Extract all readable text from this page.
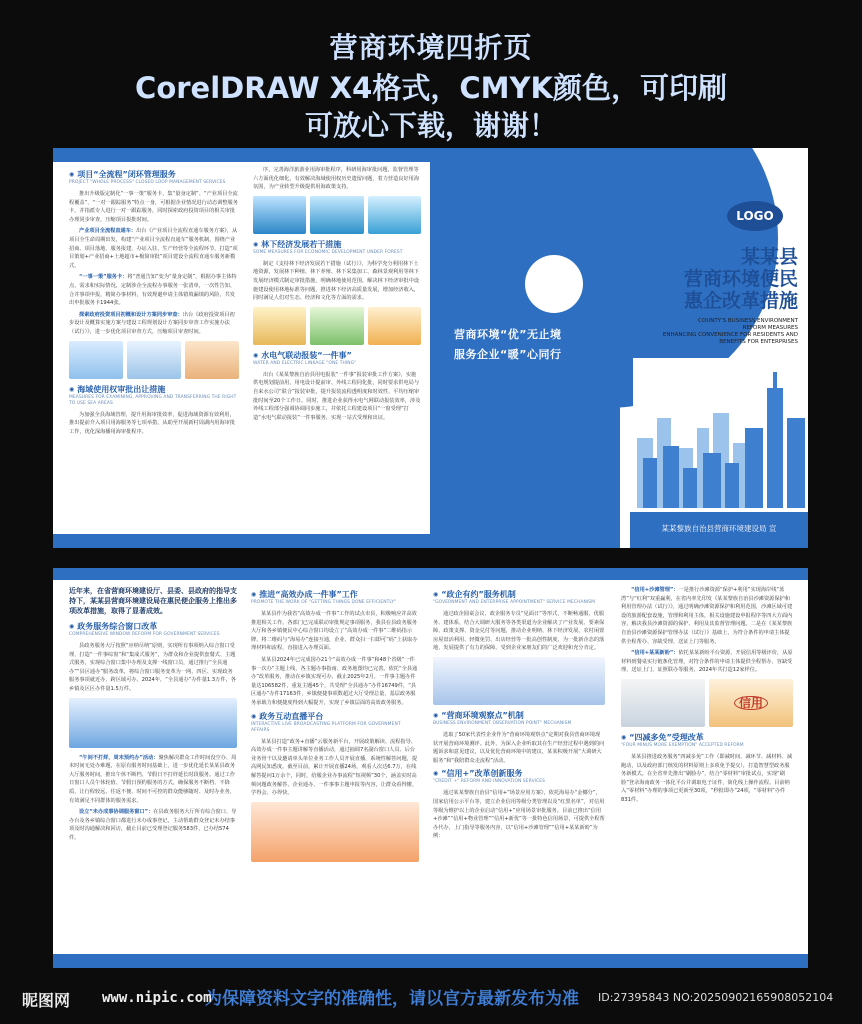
营商环境四折页
CorelDRAW X4格式，CMYK颜色，可印刷
可放心下载，谢谢！
◉ 项目“全流程”闭环管理服务
PROJECT "WHOLE PROCESS" CLOSED LOOP MANAGEMENT SERVICES

推出升级版定制化“一事一策”服务卡，集“量身定制”、“产业项目全流程覆盖”、“一对一跟踪服务”特点一身，可根据企业情况进行动态调整服务卡，并指派专人进行一对一跟踪服务，同时探索政府投资项目的相关审批办理同步审查，压缩项目报批时间。

产业项目全流程直通车：出台《产业项目全流程直通车服务方案》，从项目全生命周期出发，构建“产业项目全流程直通车”服务机制，围绕产业招商、项目落地、服务报建、办证入驻、生产经营等全流程环节，打造“项目策划+产业招商+土地超市+极简审批”项目建设全流程直通车服务新模式。

“一事一策”服务卡：将“普通告知”变为“量身定制”，根据办事主体特点、需求和实际情况，定制涉企全流程办事服务一张清单，一次性告知、合并事项申报，精简办事材料，有效规避申请主体错填漏填的风险，共发出申批服务卡1944张。

探索政府投资项目初概和设计方案同步审查：出台《政府投资项目初步设计及概算实施方案与建设工程规划设计方案同步审查工作实施办法（试行）》，进一步优化项目审查方式，压缩项目审查时间。

◉ 海域使用权审批出让措施
MEASURES FOR EXAMINING, APPROVING AND TRANSFERRING THE RIGHT TO USE SEA AREAS

为加强全县海域管理，提升用海审批效率，促进海域资源有效利用，推出提前介入项目用海服务等七项举措，从助至开展新村周湖内用海审批工作，优化深海播用海审批程序。

序、完善海洋旅游业用海审批程序，科研用海审批问题、监督管理等六方面优化细化，有效解决海域使用权历史遗留问题，着力营造良好用海氛围，为产业转型升级提供用海政策支持。

◉ 林下经济发展若干措施
SOME MEASURES FOR ECONOMIC DEVELOPMENT UNDER FOREST

制定《支持林下经济发展若干措施（试行）》，为科学充分利用林下土地资源，发展林下种植、林下养殖、林下采集加工、森林景观利用等林下发展经济模式制定审批措施，明确林地使用范围，解决林下经济审批中设施建设使用林地标准等问题，推进林下经济高质量发展，增加经济收入，同时满足人们对生态、经济和文化等方面的需求。

◉ 水电气联动报装“一件事”
WATER AND ELECTRIC LINKAGE "ONE THING"

出台《某某黎族自治县用电报装“一件事”报装审批工作方案》，实施供电规划提前用，用电设计提前审、外线工程同化批，同时要求供电局与自来水公司“联合”报装审批，提升报装流程透明度和时效性，平均压缩审批时间至20个工作日。同时，推进企业获得水电气网联动报装效率，涉及外线工程部分强调协调同步施工，并依托工程建设项目“一窗受理”打造“水电气联动报装”一件事服务，实现一站式受理和出证。

营商环境“优”无止境
服务企业“暖”心同行
LOGO
某某县
营商环境便民
惠企改革措施
COUNTY'S BUSINESS ENVIRONMENT
REFORM MEASURES
ENHANCING CONVENIENCE FOR RESIDENTS AND
BENEFITS FOR ENTERPRISES
某某黎族自治县营商环境建设局 宣
近年来，在省营商环境建设厅、县委、县政府的指导支持下，某某县营商环境建设局在惠民便企服务上推出多项改革措施，取得了显著成效。
◉ 政务服务综合窗口改革
COMPREHENSIVE WINDOW REFORM FOR GOVERNMENT SERVICES

县政务服务大厅按照“应纳尽纳”原则，实现所有事项纳入综合窗口受理，打造“一件事综窗”和“集成式服务”，为群众和企业提供套餐式、主题式服务，实现综合窗口集中办理及支撑一线窗口员，通过推行“全县通办”“县区通办”服务改革，将综合窗口服务变革为一网、四区、实现政务服务事项就近办、跨区域可办。2024年，“全县通办”办件量1.3万件，各乡镇及区区办件量1.5万件。

“午间不打烊，周末预约办”活动：聚焦解决群众工作时间没空办、周末时间无处办难题，在原有服务时间基础上，进一步优化延长某某县政务大厅服务时间，推出午休不断档、节假日不打烊延长时段服务。通过工作日窗口人员午休轮值、节假日预约服务的方式，确保服务不断档、不降质，让行程较远、往返不便、时间不可控的群众能够随时、及时办业务，有效满足不同群体的服务需求。

设立“未办成事协调服务窗口”：在县政务服务大厅所有综合窗口、导办台及各乡镇综合窗口都进行未办成事登记，主动帮助群众登记未办结事项及时沟通解决和回访，截止目前已受理登记服务583件，已办结574件。

◉ 推进“高效办成一件事”工作
PROMOTE THE WORK OF "GETTING THINGS DONE EFFICIENTLY"

某某县作为我省“高效办成一件事”工作的试点市县，积极响应并高效推进相关工作。各部门已完成联动审批规定事项服务，我县在县政务服务大厅和各乡镇便民中心综合窗口均设立了“高效办成一件事”二维码指示牌，将二维码与“海易办”连接互通，企业、群众扫一扫即可“码”上获取办理材料和流程，直接进入办理页面。

某某县2024年已完成国办21个“高效办成一件事”和48个省级“一件事一次办”主题上线，各主题办事指南、政务地图均已完善。依托“全县通办”改革服务，推动在乡镇实现可办，截止2025年2月，一件事主题办件量达106582件，重复主题45个，共受理“全县通办”办件16749件，“县区通办”办件17163件，乡镇便捷事项数超过大厅受理总量，基层政务服务承载力和便捷度得到大幅提升，实现了乡镇层面的高效政务服务。

◉ 政务互动直播平台
INTERACTIVE LIVE BROADCASTING PLATFORM FOR GOVERNMENT AFFAIRS

某某县打造“政务+直播”云服务新平台，开展政策解读、流程指导、高效办成一件事主题讲解等直播活动，通过抽调7名副台窗口人员、后台业务骨干以及邀请单头单位业务工作人员开展直播，系统性解答问题，提高网民知悉度。截至目前，累计开展直播24场，观看人次达6.7万，在线解答提问1万余个，同时，给服企业办事流程“短视频”30个，涵盖实时高频问题政务解答、企业通办、一件事事主题申报等内容，让群众看得懂、学得会、办得快。

◉ “政企有约”服务机制
"GOVERNMENT AND ENTERPRISE APPOINTMENT" SERVICE MECHANISM

通过政企圆桌会议、政企服务专员“见面日”等形式，不断畅通服、优服务、建体系，结合大调研大服务等各类渠道为企业解决了产业发展、要素保障、政策支撑、资金兑付等问题，推动企业明纳、林下经济发展、农村闲置房屋盘活利用、轻微免罚、出店经营等一批高创性制度，为一批新企态的落地，发展提供了有力的保障，受到企业家朋友们的广泛欢迎和充分肯定。

◉ “营商环境观察点”机制
BUSINESS ENVIRONMENT OBSERVATION POINT" MECHANISM

选取了50家代表性企业作为“营商环境观察点”定期对我县营商环境现状开展营商环境测评。此外，为深入企业听取其在生产经营过程中遇到的问题诉求和意见建议，以及优化营商环境中的建议，某某积极开展“大调研大服务”和“我陪群众走流程”活动。

◉ “信用+”改革创新服务
"CREDIT +" REFORM AND INNOVATION SERVICES

通过某某黎族自治县“信用+”场景应用方案》，依托海易办“金椰分”，国家信用公示平台等，建立企业信用等级分类管理以及“红黑名单”，对信用等级为维护以上的企业启动“信用+”应用场景审批服务。目前已推出“信用+沙滩”“信用+物业管理”“信用+新优”等一批特色信用场景，可提供全程帮办代办，上门指导等服务内容，以“信用+沙滩管理”“信用+某某新盼”为例：

“信用+沙滩管理”：一是推行沙滩资源“保护+利用”实现海岸线“蓝湾”与“红利”双重赢利，在省内率先印发《某某黎族自治县沙滩资源保护和利用管理办法（试行）》，通过明确沙滩资源保护和利用范围，沙滩区域可建设的旅游配套设施，管理和利用主体，相关设施建设申报程序等四大方面内容，解决我县沙滩资源的保护、利用及其监督管理问题。二是在《某某黎族自治县沙滩资源保护管理办法（试行）》基础上，为符合条件的申请主体提供全程帮办、容缺受理、送证上门等服务。

“信用+某某新盼”：依托某某新盼平台资源，开展信用等级评价，从原材料到餐桌实行链条化管理，对符合条件的申请主体提供全程帮办、容缺受理、送证上门、证照联办等服务，2024年共打造12家样位。

信用
◉ “四减多免”受理改革
"FOUR MINUS MORE EXEMPTION" ACCEPTED REFORM

某某县推进政务服务“四减多免”工作（即减时间、减环节、减材料、减跑动，以及政府部门核发的材料原则上多项免予提交），打造智慧型政务服务新模式。在全省率先推出“刷脸办”，结合“零材料”审批试点，实现“刷脸”登录海南政务一体化平台并调取电子证件，简化线上操作流程。目前纳入“零材料”办理的事项已更新至30项，“秒批即办”24项，“零材料”办件831件。

为保障资料文字的准确性，请以官方最新发布为准
昵图网 www.nipic.com	ID:27395843 NO:20250902165908052104
